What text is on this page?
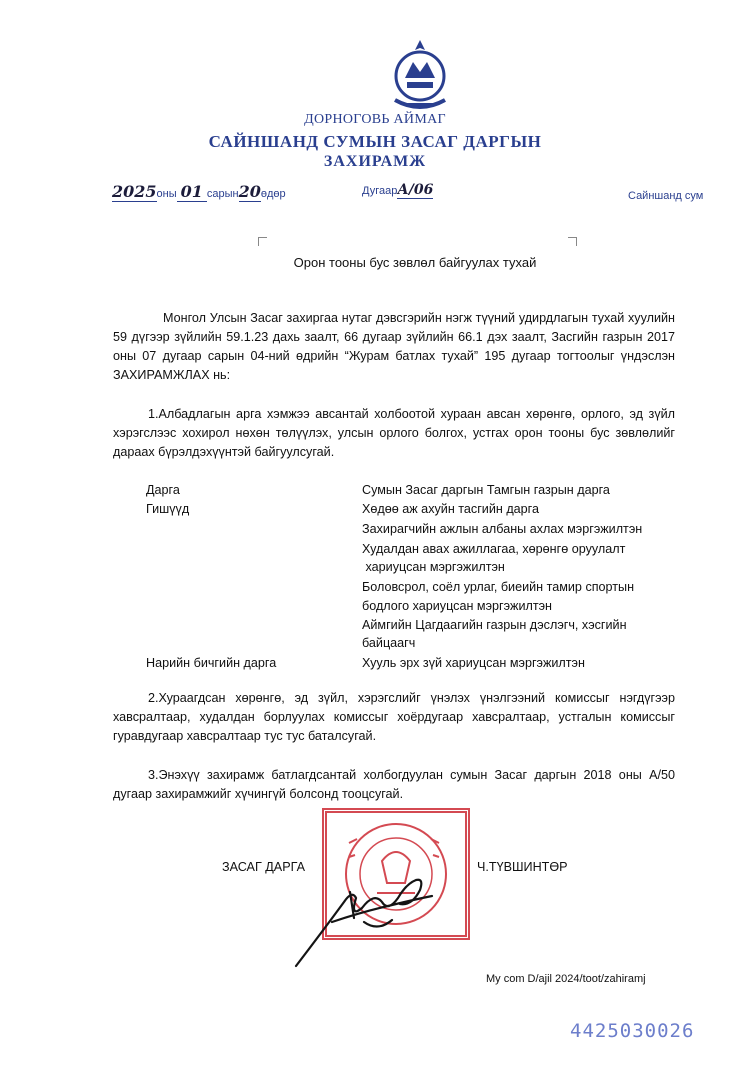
ДОРНОГОВЬ АЙМАГ
САЙНШАНД СУМЫН ЗАСАГ ДАРГЫН
ЗАХИРАМЖ
2025оны 01 сарын20өдөр	ДугаарА/06	Сайншанд сум
Орон тооны бус зөвлөл байгуулах тухай
Монгол Улсын Засаг захиргаа нутаг дэвсгэрийн нэгж түүний удирдлагын тухай хуулийн 59 дүгээр зүйлийн 59.1.23 дахь заалт, 66 дугаар зүйлийн 66.1 дэх заалт, Засгийн газрын 2017 оны 07 дугаар сарын 04-ний өдрийн “Журам батлах тухай” 195 дугаар тогтоолыг үндэслэн ЗАХИРАМЖЛАХ нь:
1.Албадлагын арга хэмжээ авсантай холбоотой хураан авсан хөрөнгө, орлого, эд зүйл хэрэгслээс хохирол нөхөн төлүүлэх, улсын орлого болгох, устгах орон тооны бус зөвлөлийг дараах бүрэлдэхүүнтэй байгуулсугай.
Дарга	Сумын Засаг даргын Тамгын газрын дарга
Гишүүд	Хөдөө аж ахуйн тасгийн дарга
Захирагчийн ажлын албаны ахлах мэргэжилтэн
Худалдан авах ажиллагаа, хөрөнгө оруулалт
хариуцсан мэргэжилтэн
Боловсрол, соёл урлаг, биеийн тамир спортын
бодлого хариуцсан мэргэжилтэн
Аймгийн Цагдаагийн газрын дэслэгч, хэсгийн
байцаагч
Нарийн бичгийн дарга	Хууль эрх зүй хариуцсан мэргэжилтэн
2.Хураагдсан хөрөнгө, эд зүйл, хэрэгслийг үнэлэх үнэлгээний комиссыг нэгдүгээр хавсралтаар, худалдан борлуулах комиссыг хоёрдугаар хавсралтаар, устгалын комиссыг гуравдугаар хавсралтаар тус тус баталсугай.
3.Энэхүү захирамж батлагдсантай холбогдуулан сумын Засаг даргын 2018 оны А/50 дугаар захирамжийг хүчингүй болсонд тооцсугай.
ЗАСАГ ДАРГА	Ч.ТҮВШИНТӨР
My com D/ajil 2024/toot/zahiramj
4425030026
